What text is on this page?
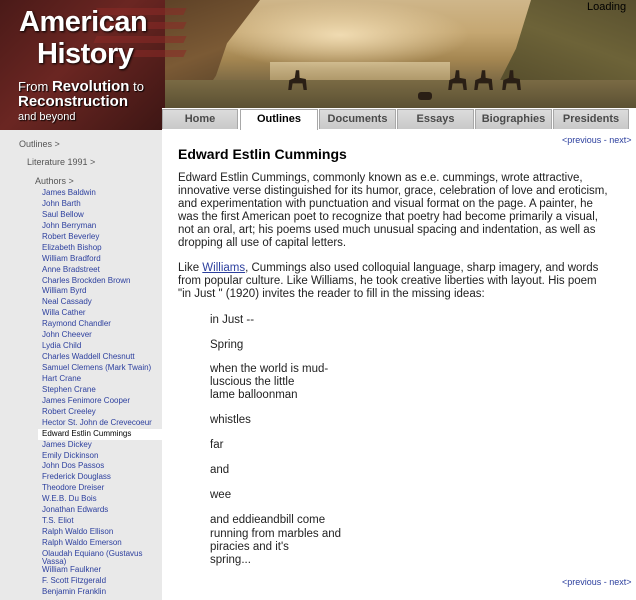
American
History
From Revolution to
Reconstruction
and beyond
Loading
Home	Outlines	Documents	Essays	Biographies	Presidents
Outlines >
Literature 1991 >
Authors >
James Baldwin
John Barth
Saul Bellow
John Berryman
Robert Beverley
Elizabeth Bishop
William Bradford
Anne Bradstreet
Charles Brockden Brown
William Byrd
Neal Cassady
Willa Cather
Raymond Chandler
John Cheever
Lydia Child
Charles Waddell Chesnutt
Samuel Clemens (Mark Twain)
Hart Crane
Stephen Crane
James Fenimore Cooper
Robert Creeley
Hector St. John de Crevecoeur
Edward Estlin Cummings
James Dickey
Emily Dickinson
John Dos Passos
Frederick Douglass
Theodore Dreiser
W.E.B. Du Bois
Jonathan Edwards
T.S. Eliot
Ralph Waldo Ellison
Ralph Waldo Emerson
Olaudah Equiano (Gustavus Vassa)
William Faulkner
F. Scott Fitzgerald
Benjamin Franklin
<previous - next>
Edward Estlin Cummings

Edward Estlin Cummings, commonly known as e.e. cummings, wrote attractive, innovative verse distinguished for its humor, grace, celebration of love and eroticism, and experimentation with punctuation and visual format on the page. A painter, he was the first American poet to recognize that poetry had become primarily a visual, not an oral, art; his poems used much unusual spacing and indentation, as well as dropping all use of capital letters.

Like Williams, Cummings also used colloquial language, sharp imagery, and words from popular culture. Like Williams, he took creative liberties with layout. His poem "in Just " (1920) invites the reader to fill in the missing ideas:

in Just --
Spring
when the world is mud-
luscious the little
lame balloonman
whistles
far
and
wee
and eddieandbill come
running from marbles and
piracies and it's
spring...
<previous - next>
